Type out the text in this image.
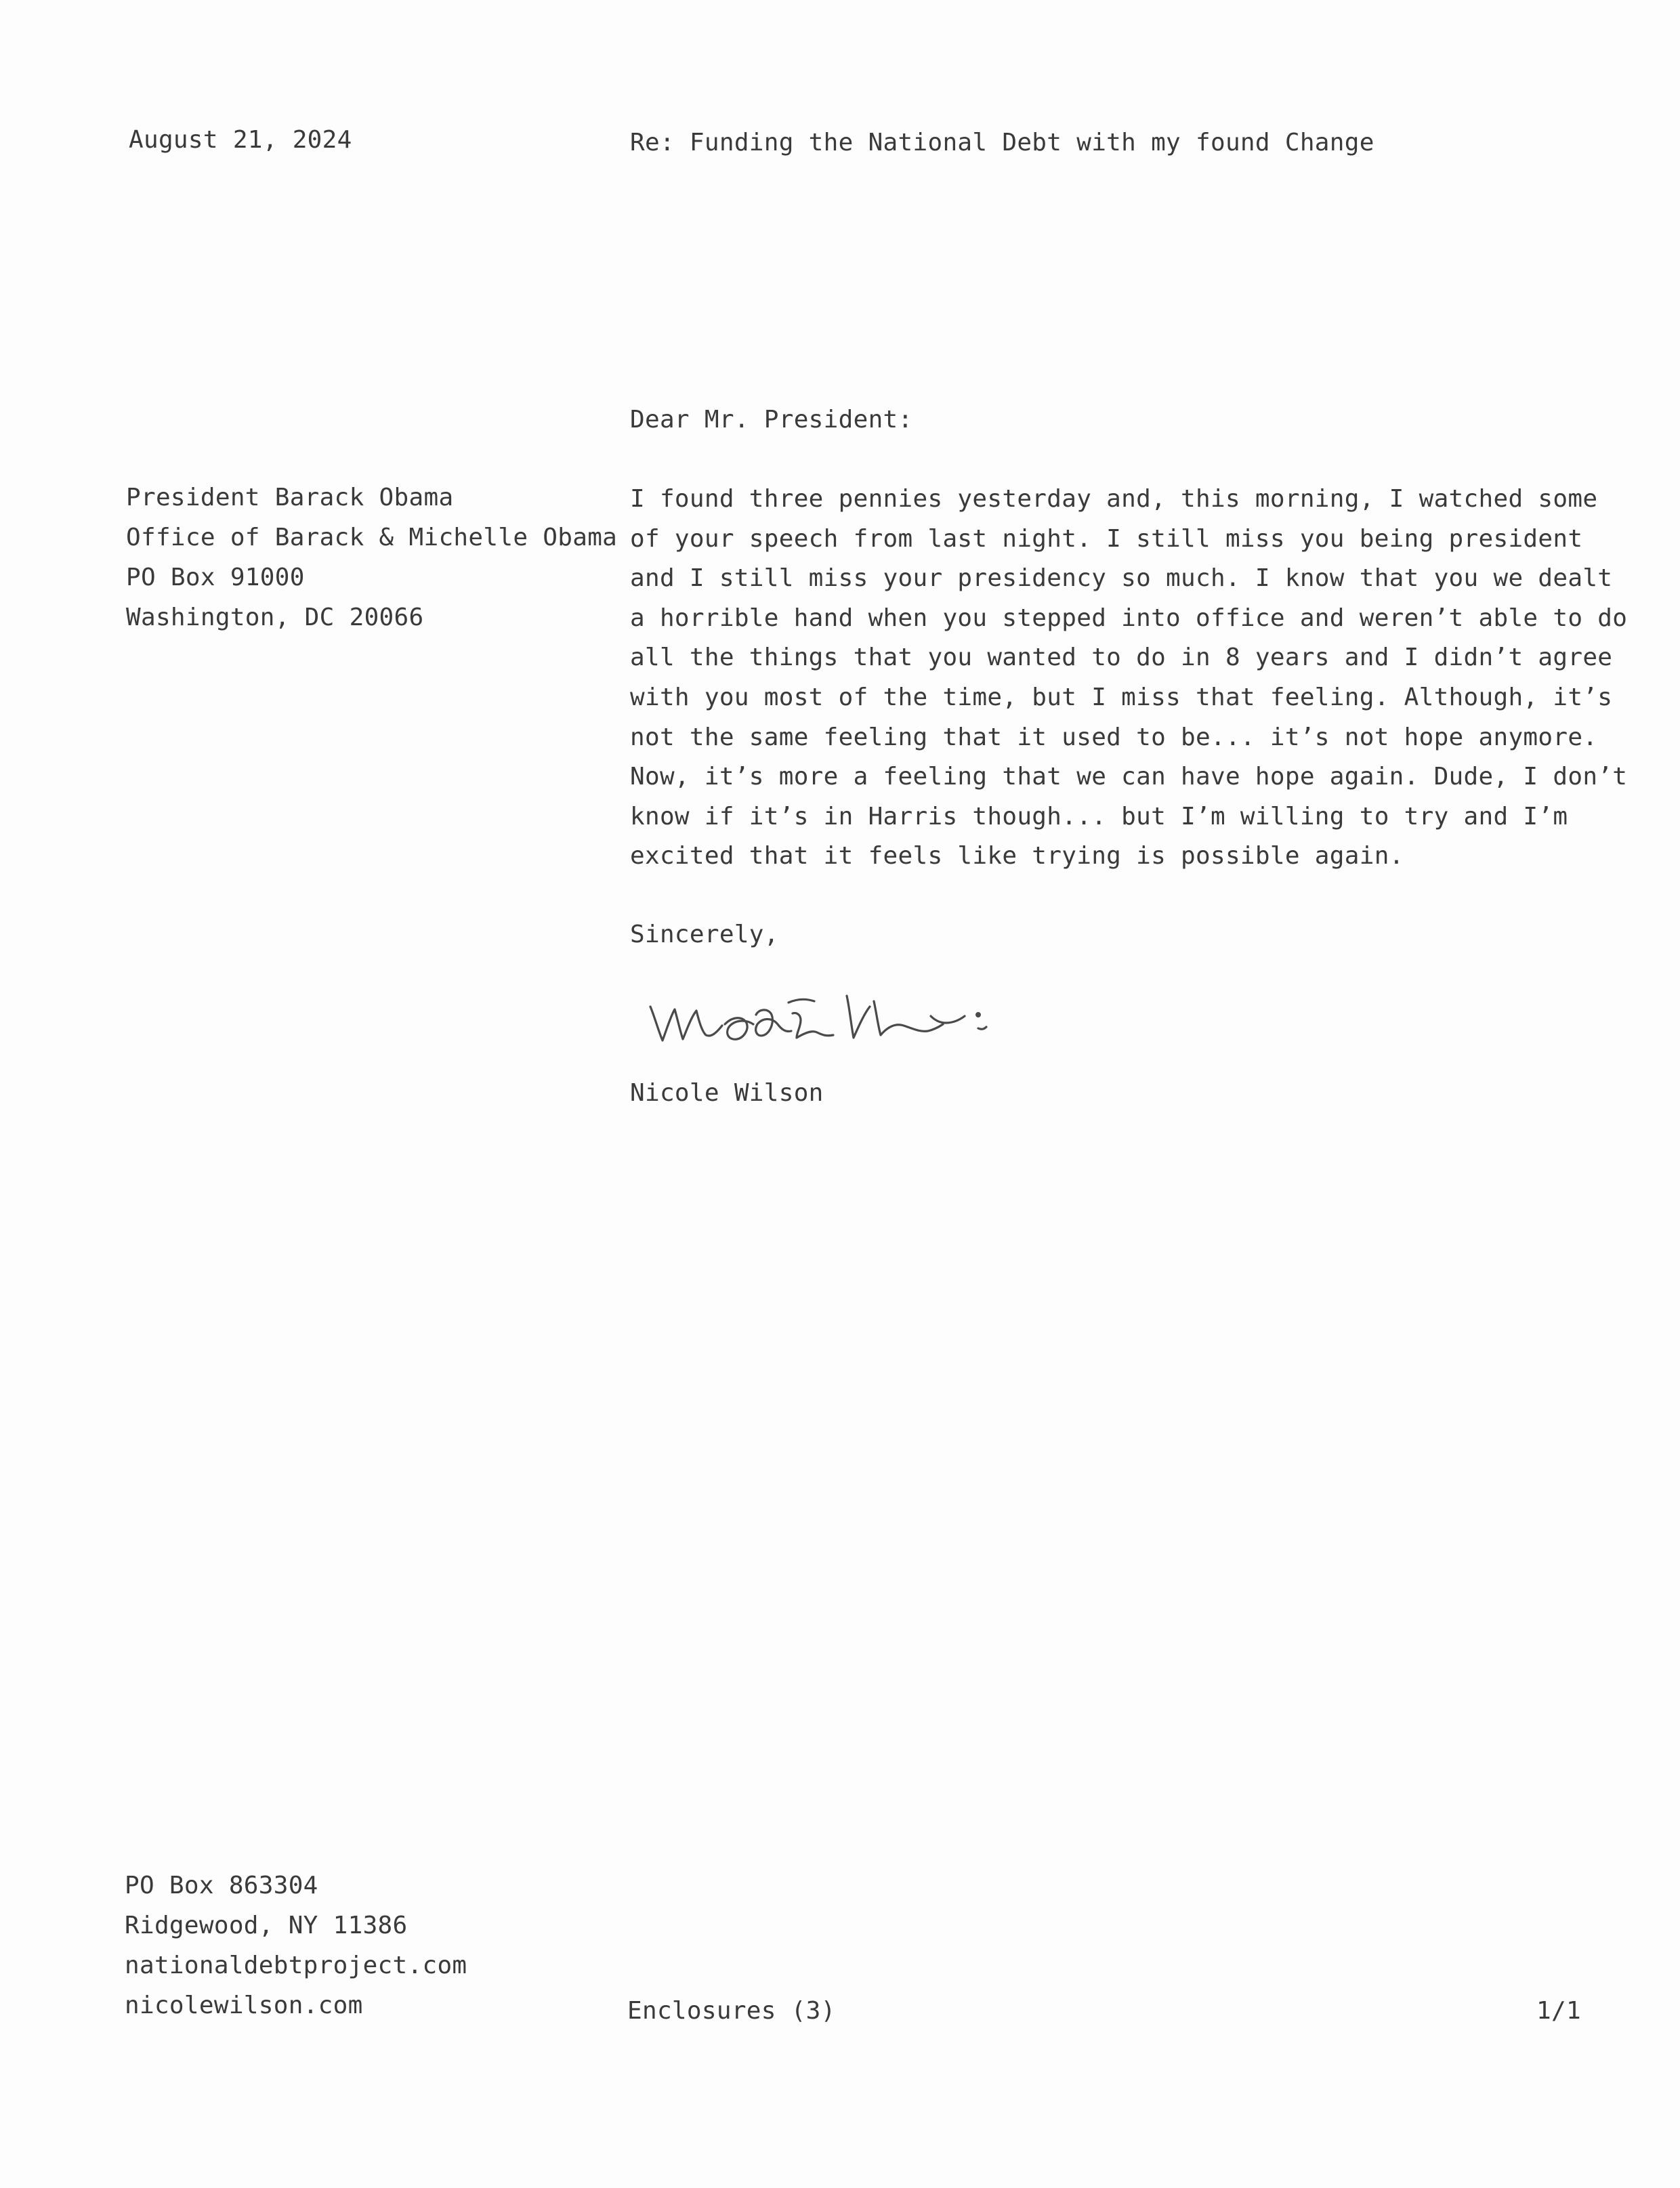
August 21, 2024	Re: Funding the National Debt with my found Change
Dear Mr. President:
President Barack Obama
Office of Barack & Michelle Obama
PO Box 91000
Washington, DC 20066
I found three pennies yesterday and, this morning, I watched some
of your speech from last night. I still miss you being president
and I still miss your presidency so much. I know that you we dealt
a horrible hand when you stepped into office and weren’t able to do
all the things that you wanted to do in 8 years and I didn’t agree
with you most of the time, but I miss that feeling. Although, it’s
not the same feeling that it used to be... it’s not hope anymore.
Now, it’s more a feeling that we can have hope again. Dude, I don’t
know if it’s in Harris though... but I’m willing to try and I’m
excited that it feels like trying is possible again.
Sincerely,
Nicole Wilson
PO Box 863304
Ridgewood, NY 11386
nationaldebtproject.com
nicolewilson.com	Enclosures (3)	1/1
